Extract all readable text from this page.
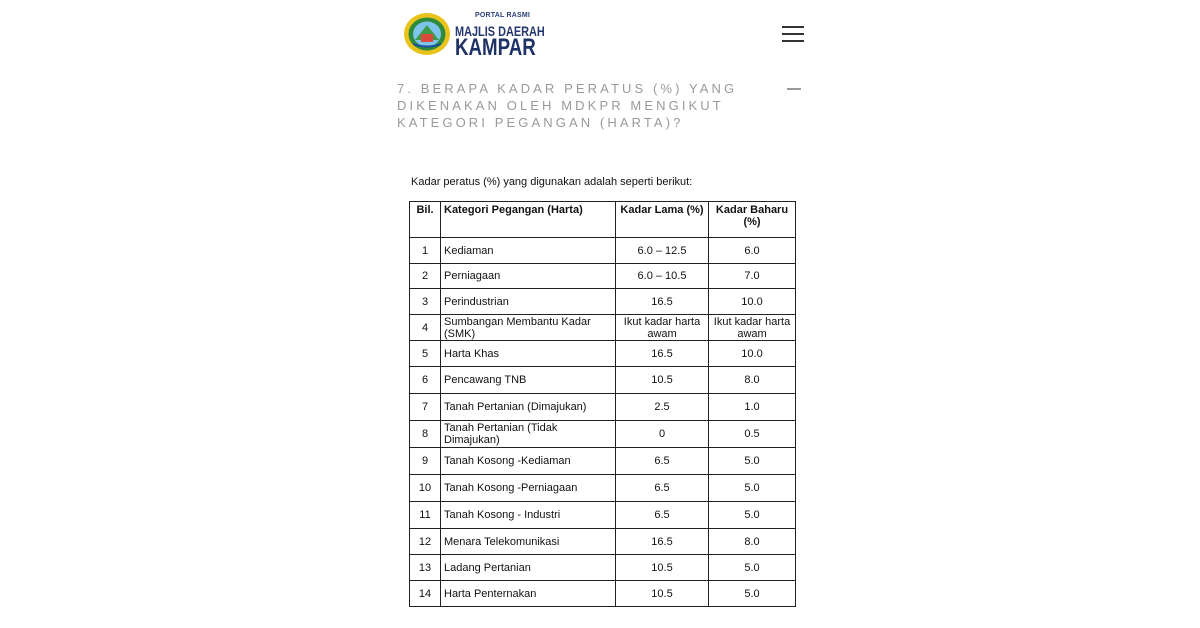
PORTAL RASMI
MAJLIS DAERAH
KAMPAR
7. BERAPA KADAR PERATUS (%) YANG DIKENAKAN OLEH MDKPR MENGIKUT KATEGORI PEGANGAN (HARTA)?
Kadar peratus (%) yang digunakan adalah seperti berikut:
Bil.	Kategori Pegangan (Harta)	Kadar Lama (%)	Kadar Baharu (%)
1	Kediaman	6.0 – 12.5	6.0
2	Perniagaan	6.0 – 10.5	7.0
3	Perindustrian	16.5	10.0
4	Sumbangan Membantu Kadar (SMK)	Ikut kadar harta awam	Ikut kadar harta awam

5	Harta Khas	16.5	10.0
6	Pencawang TNB	10.5	8.0
7	Tanah Pertanian (Dimajukan)	2.5	1.0
8	Tanah Pertanian (Tidak Dimajukan)	0	0.5
9	Tanah Kosong -Kediaman	6.5	5.0
10	Tanah Kosong -Perniagaan	6.5	5.0
11	Tanah Kosong - Industri	6.5	5.0
12	Menara Telekomunikasi	16.5	8.0
13	Ladang Pertanian	10.5	5.0
14	Harta Penternakan	10.5	5.0
